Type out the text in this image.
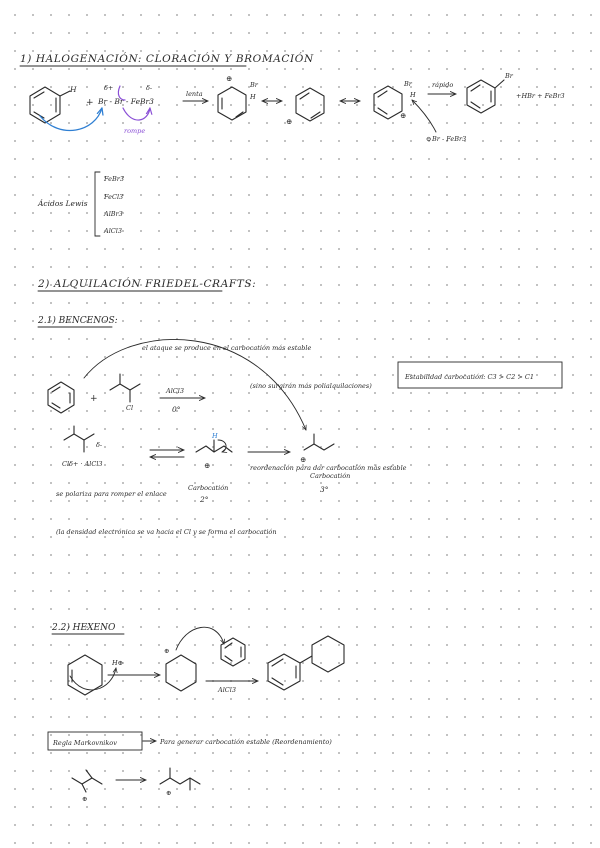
1) HALOGENACIÓN: CLORACIÓN Y BROMACIÓN
H
+
δ+	δ-
Br - Br - FeBr3
rompe
lenta
⊕
Br
H
⊕
Br
H
⊕
⊖ Br - FeBr3
rápido
Br
+HBr + FeBr3
Ácidos Lewis
FeBr3
FeCl3
AlBr3
AlCl3
2) ALQUILACIÓN FRIEDEL-CRAFTS:
2.1) BENCENOS:
el ataque se produce en el carbocatión más estable
(sino surgirán más polialquilaciones)
Estabilidad carbocatión: C3 > C2 > C1
+
Cl
AlCl3
0°
δ-
Clδ+ · AlCl3
H
⊕
Carbocatión
2°
reordenación para dar carbocatión más estable
⊕
Carbocatión
3°
se polariza para romper el enlace
(la densidad electrónica se va hacia el Cl y se forma el carbocatión
2.2) HEXENO
H⊕
⊕
AlCl3
Regla Markovnikov	Para generar carbocatión estable (Reordenamiento)
⊕
⊕
